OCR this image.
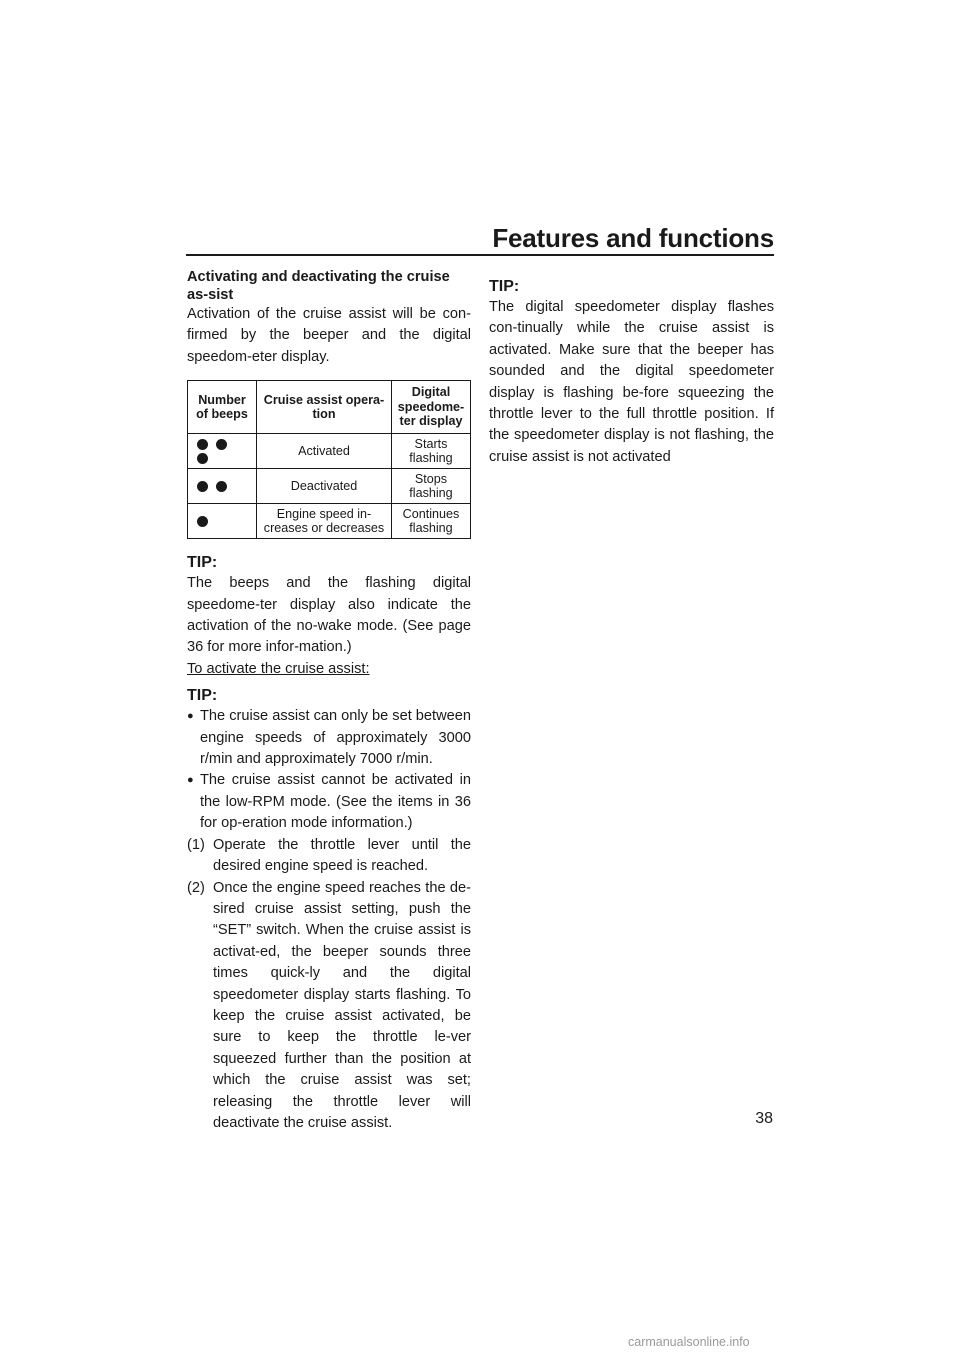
Features and functions

Activating and deactivating the cruise as-sist

Activation of the cruise assist will be con-firmed by the beeper and the digital speedom-eter display.

Number of beeps	Cruise assist opera-tion	Digital speedome-ter display
	Activated	Starts flashing
	Deactivated	Stops flashing
	Engine speed in-creases or decreases	Continues flashing

TIP:

The beeps and the flashing digital speedome-ter display also indicate the activation of the no-wake mode. (See page 36 for more infor-mation.)

To activate the cruise assist:

TIP:

● The cruise assist can only be set between engine speeds of approximately 3000 r/min and approximately 7000 r/min.
● The cruise assist cannot be activated in the low-RPM mode. (See the items in 36 for op-eration mode information.)
(1) Operate the throttle lever until the desired engine speed is reached.
(2) Once the engine speed reaches the de-sired cruise assist setting, push the “SET” switch. When the cruise assist is activat-ed, the beeper sounds three times quick-ly and the digital speedometer display starts flashing. To keep the cruise assist activated, be sure to keep the throttle le-ver squeezed further than the position at which the cruise assist was set; releasing the throttle lever will deactivate the cruise assist.

TIP:

The digital speedometer display flashes con-tinually while the cruise assist is activated. Make sure that the beeper has sounded and the digital speedometer display is flashing be-fore squeezing the throttle lever to the full throttle position. If the speedometer display is not flashing, the cruise assist is not activated

38
carmanualsonline.info
